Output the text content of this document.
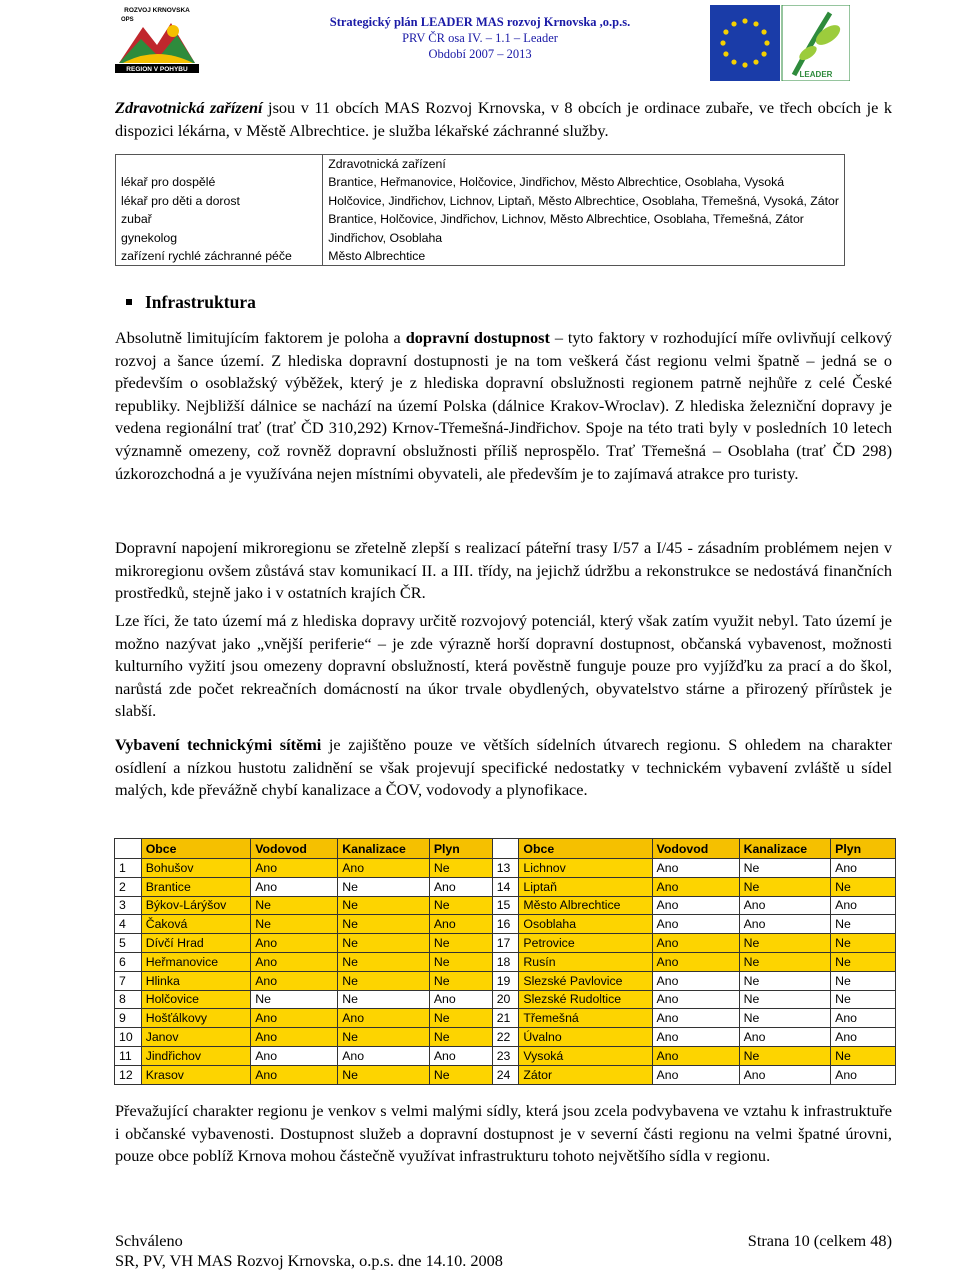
ROZVOJ KRNOVSKA
OPS
REGION V POHYBU
Strategický plán LEADER MAS rozvoj Krnovska ,o.p.s.
PRV ČR osa IV. – 1.1 – Leader
Období 2007 – 2013
LEADER

Zdravotnická zařízení jsou v 11 obcích MAS Rozvoj Krnovska, v 8 obcích je ordinace zubaře, ve třech obcích je k dispozici lékárna, v Městě Albrechtice. je služba lékařské záchranné služby.

	Zdravotnická zařízení
lékař pro dospělé	Brantice, Heřmanovice, Holčovice, Jindřichov, Město Albrechtice, Osoblaha, Vysoká
lékař pro děti a dorost	Holčovice, Jindřichov, Lichnov, Liptaň, Město Albrechtice, Osoblaha, Třemešná, Vysoká, Zátor
zubař	Brantice, Holčovice, Jindřichov, Lichnov, Město Albrechtice, Osoblaha, Třemešná, Zátor
gynekolog	Jindřichov, Osoblaha
zařízení rychlé záchranné péče	Město Albrechtice
Infrastruktura

Absolutně limitujícím faktorem je poloha a dopravní dostupnost – tyto faktory v rozhodující míře ovlivňují celkový rozvoj a šance území. Z hlediska dopravní dostupnosti je na tom veškerá část regionu velmi špatně – jedná se o především o osoblažský výběžek, který je z hlediska dopravní obslužnosti regionem patrně nejhůře z celé České republiky. Nejbližší dálnice se nachází na území Polska (dálnice Krakov-Wroclav). Z hlediska železniční dopravy je vedena regionální trať (trať ČD 310,292) Krnov-Třemešná-Jindřichov. Spoje na této trati byly v posledních 10 letech významně omezeny, což rovněž dopravní obslužnosti příliš neprospělo. Trať Třemešná – Osoblaha (trať ČD 298) úzkorozchodná a je využívána nejen místními obyvateli, ale především je to zajímavá atrakce pro turisty.

Dopravní napojení mikroregionu se zřetelně zlepší s realizací páteřní trasy I/57 a I/45 - zásadním problémem nejen v mikroregionu ovšem zůstává stav komunikací II. a III. třídy, na jejichž údržbu a rekonstrukce se nedostává finančních prostředků, stejně jako i v ostatních krajích ČR.

Lze říci, že tato území má z hlediska dopravy určitě rozvojový potenciál, který však zatím využit nebyl. Tato území je možno nazývat jako „vnější periferie“ – je zde výrazně horší dopravní dostupnost, občanská vybavenost, možnosti kulturního vyžití jsou omezeny dopravní obslužností, která pověstně funguje pouze pro vyjížďku za prací a do škol, narůstá zde počet rekreačních domácností na úkor trvale obydlených, obyvatelstvo stárne a přirozený přírůstek je slabší.

Vybavení technickými sítěmi je zajištěno pouze ve větších sídelních útvarech regionu. S ohledem na charakter osídlení a nízkou hustotu zalidnění se však projevují specifické nedostatky v technickém vybavení zvláště u sídel malých, kde převážně chybí kanalizace a ČOV, vodovody a plynofikace.

	Obce	Vodovod	Kanalizace	Plyn		Obce	Vodovod	Kanalizace	Plyn
1	Bohušov	Ano	Ano	Ne	13	Lichnov	Ano	Ne	Ano
2	Brantice	Ano	Ne	Ano	14	Liptaň	Ano	Ne	Ne
3	Býkov-Lárýšov	Ne	Ne	Ne	15	Město Albrechtice	Ano	Ano	Ano
4	Čaková	Ne	Ne	Ano	16	Osoblaha	Ano	Ano	Ne
5	Dívčí Hrad	Ano	Ne	Ne	17	Petrovice	Ano	Ne	Ne
6	Heřmanovice	Ano	Ne	Ne	18	Rusín	Ano	Ne	Ne
7	Hlinka	Ano	Ne	Ne	19	Slezské Pavlovice	Ano	Ne	Ne
8	Holčovice	Ne	Ne	Ano	20	Slezské Rudoltice	Ano	Ne	Ne
9	Hošťálkovy	Ano	Ano	Ne	21	Třemešná	Ano	Ne	Ano
10	Janov	Ano	Ne	Ne	22	Úvalno	Ano	Ano	Ano
11	Jindřichov	Ano	Ano	Ano	23	Vysoká	Ano	Ne	Ne
12	Krasov	Ano	Ne	Ne	24	Zátor	Ano	Ano	Ano

Převažující charakter regionu je venkov s velmi malými sídly, která jsou zcela podvybavena ve vztahu k infrastruktuře i občanské vybavenosti. Dostupnost služeb a dopravní dostupnost je v severní části regionu na velmi špatné úrovni, pouze obce poblíž Krnova mohou částečně využívat infrastrukturu tohoto největšího sídla v regionu.

Schváleno
SR, PV, VH MAS Rozvoj Krnovska, o.p.s. dne 14.10. 2008
Strana 10 (celkem 48)
